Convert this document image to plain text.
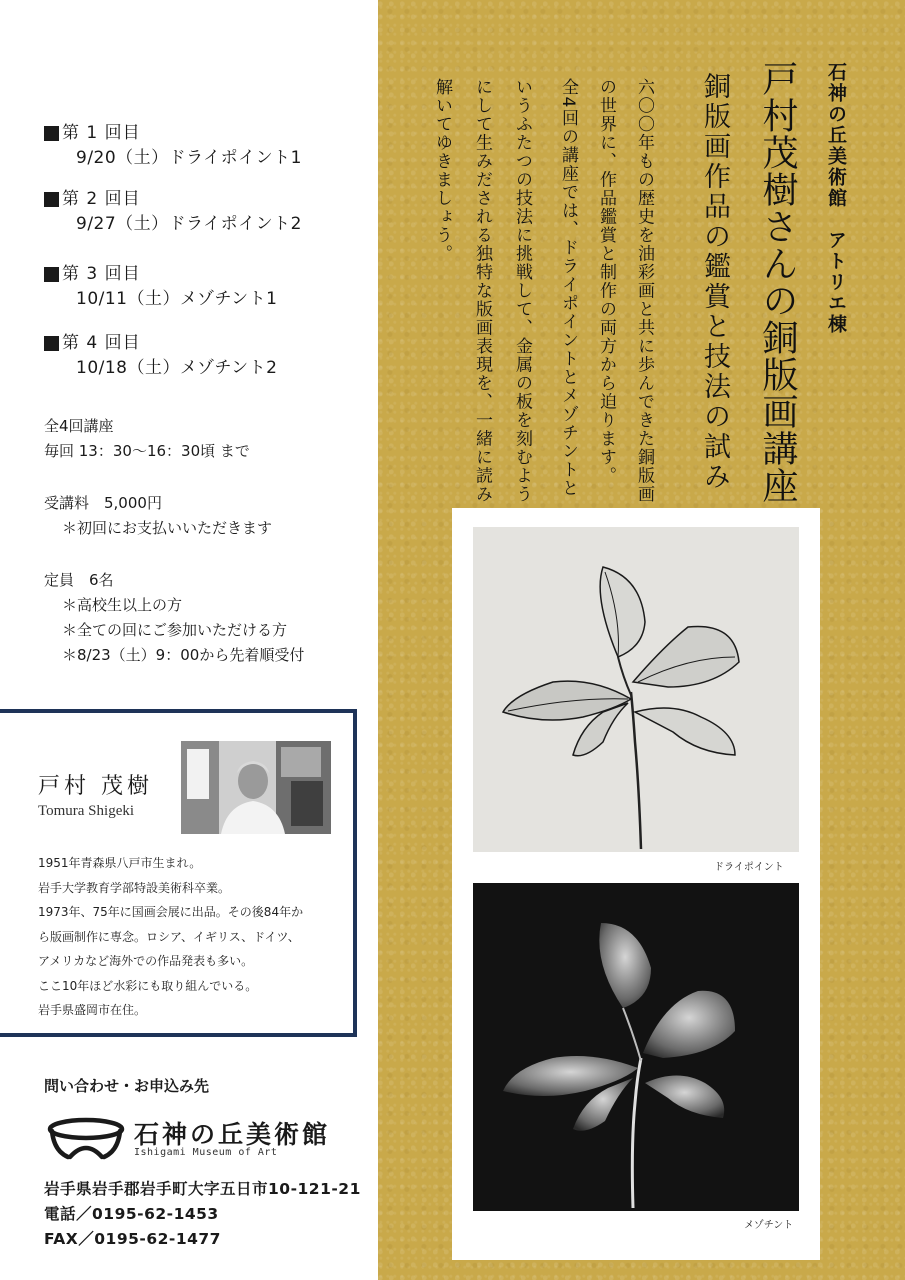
第 1 回目
9/20（土）ドライポイント1
第 2 回目
9/27（土）ドライポイント2
第 3 回目
10/11（土）メゾチント1
第 4 回目
10/18（土）メゾチント2
全4回講座
毎回 13：30～16：30頃 まで
受講料　5,000円
＊初回にお支払いいただきます
定員　6名
＊高校生以上の方
＊全ての回にご参加いただける方
＊8/23（土）9：00から先着順受付
戸村 茂樹
Tomura Shigeki
1951年青森県八戸市生まれ。
岩手大学教育学部特設美術科卒業。
1973年、75年に国画会展に出品。その後84年か
ら版画制作に専念。ロシア、イギリス、ドイツ、
アメリカなど海外での作品発表も多い。
ここ10年ほど水彩にも取り組んでいる。
岩手県盛岡市在住。
問い合わせ・お申込み先
石神の丘美術館
Ishigami Museum of Art
岩手県岩手郡岩手町大字五日市10-121-21
電話／0195-62-1453
FAX／0195-62-1477
石神の丘美術館　アトリエ棟
戸村茂樹さんの銅版画講座
銅版画作品の鑑賞と技法の試み
六〇〇年もの歴史を油彩画と共に歩んできた銅版画
の世界に、作品鑑賞と制作の両方から迫ります。
全4回の講座では、ドライポイントとメゾチントと
いうふたつの技法に挑戦して、金属の板を刻むよう
にして生みだされる独特な版画表現を、一緒に読み
解いてゆきましょう。
ドライポイント
メゾチント
